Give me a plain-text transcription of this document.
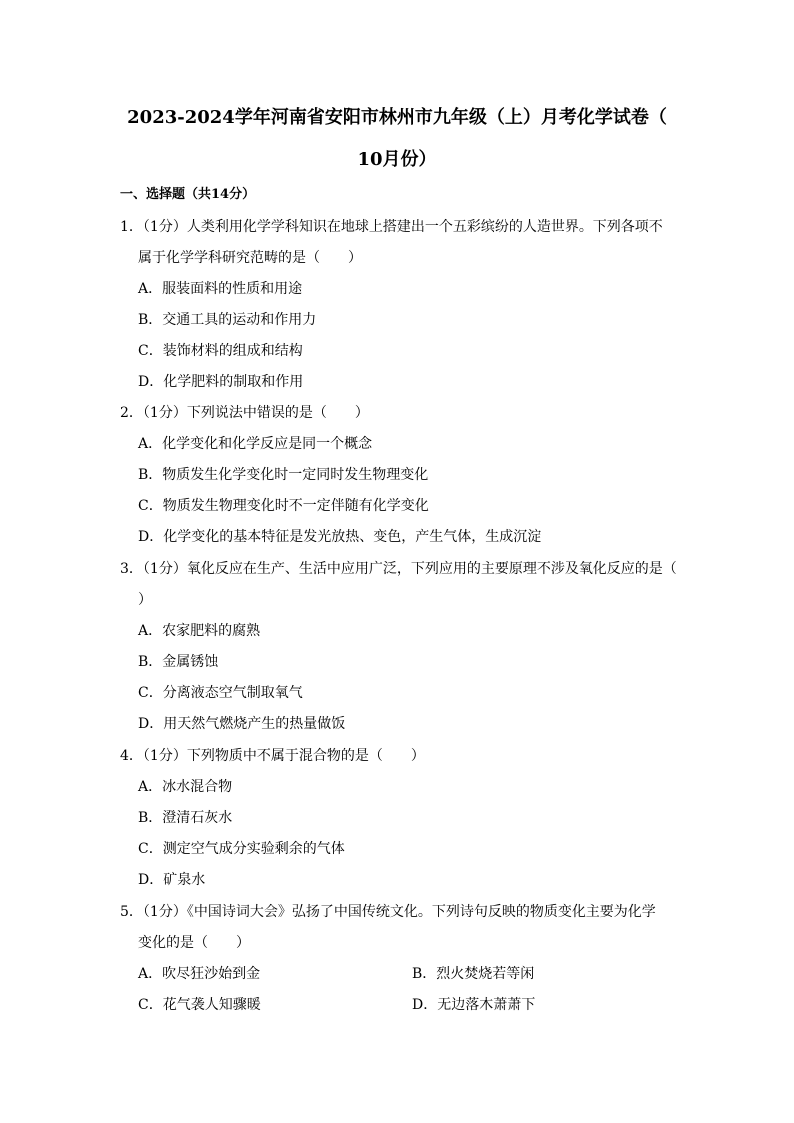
2023-2024学年河南省安阳市林州市九年级（上）月考化学试卷（
10月份）
一、选择题（共14分）
1．（1分）人类利用化学学科知识在地球上搭建出一个五彩缤纷的人造世界。下列各项不
属于化学学科研究范畴的是（　　）
A．服装面料的性质和用途
B．交通工具的运动和作用力
C．装饰材料的组成和结构
D．化学肥料的制取和作用
2．（1分）下列说法中错误的是（　　）
A．化学变化和化学反应是同一个概念
B．物质发生化学变化时一定同时发生物理变化
C．物质发生物理变化时不一定伴随有化学变化
D．化学变化的基本特征是发光放热、变色，产生气体，生成沉淀
3．（1分）氧化反应在生产、生活中应用广泛，下列应用的主要原理不涉及氧化反应的是（
）
A．农家肥料的腐熟
B．金属锈蚀
C．分离液态空气制取氧气
D．用天然气燃烧产生的热量做饭
4．（1分）下列物质中不属于混合物的是（　　）
A．冰水混合物
B．澄清石灰水
C．测定空气成分实验剩余的气体
D．矿泉水
5．（1分）《中国诗词大会》弘扬了中国传统文化。下列诗句反映的物质变化主要为化学
变化的是（　　）
A．吹尽狂沙始到金	B．烈火焚烧若等闲
C．花气袭人知骤暖	D．无边落木萧萧下
